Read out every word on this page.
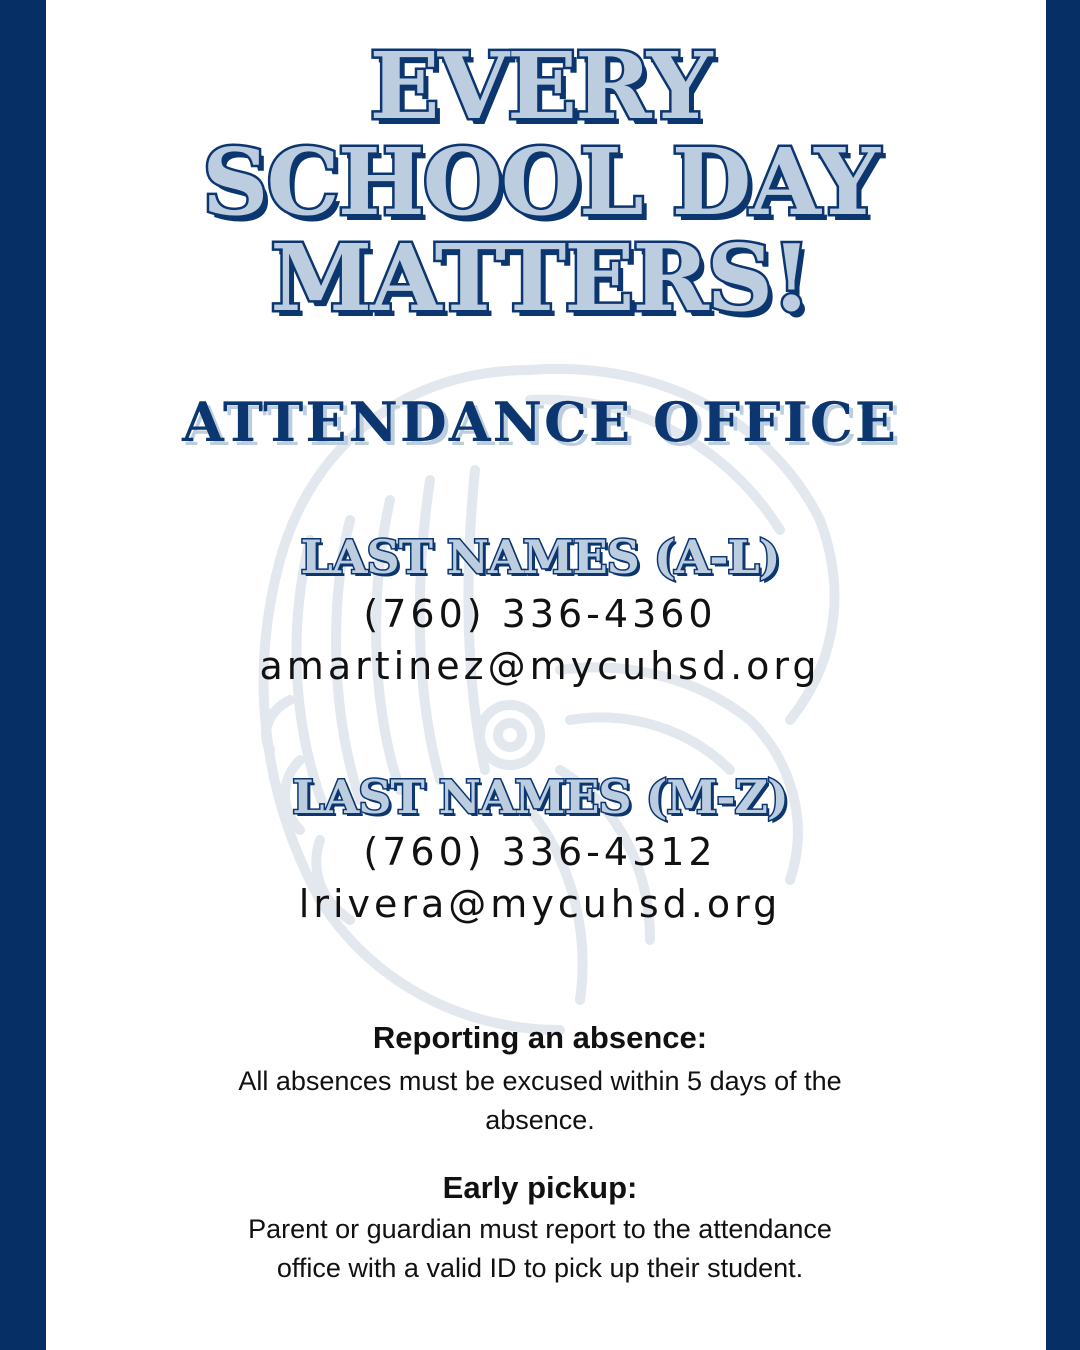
EVERY
SCHOOL DAY
MATTERS!
ATTENDANCE OFFICE
LAST NAMES (A-L)
(760) 336-4360
amartinez@mycuhsd.org
LAST NAMES (M-Z)
(760) 336-4312
lrivera@mycuhsd.org
Reporting an absence:
All absences must be excused within 5 days of the absence.
Early pickup:
Parent or guardian must report to the attendance office with a valid ID to pick up their student.
